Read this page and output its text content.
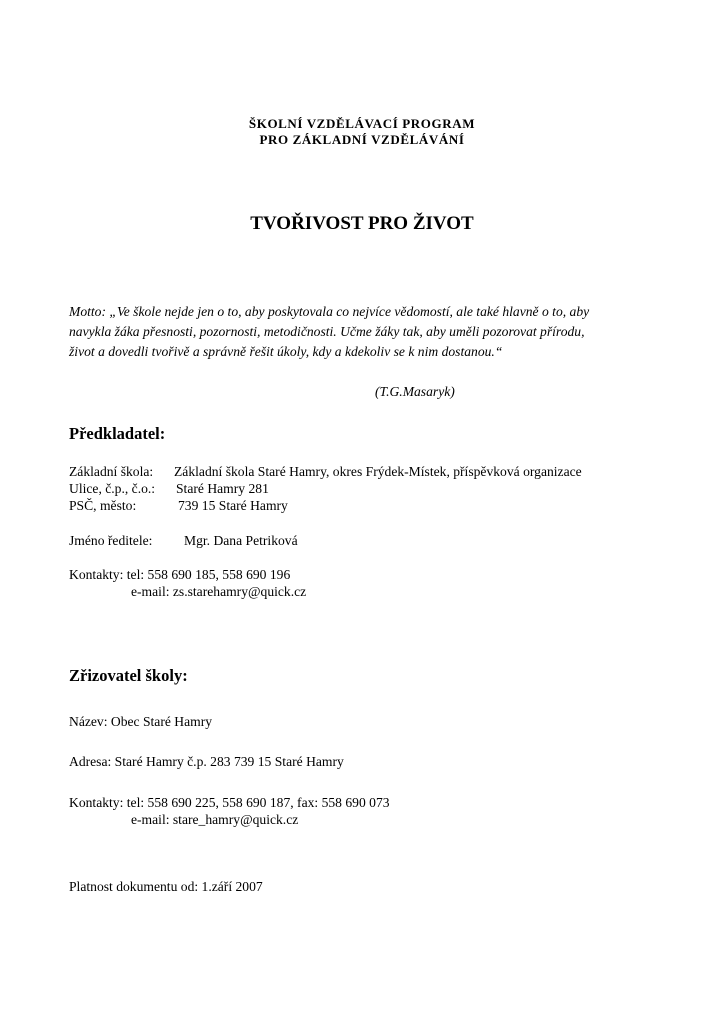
ŠKOLNÍ VZDĚLÁVACÍ PROGRAM
PRO ZÁKLADNÍ VZDĚLÁVÁNÍ
TVOŘIVOST PRO ŽIVOT
Motto: „Ve škole nejde jen o to, aby poskytovala co nejvíce vědomostí, ale také hlavně o to, aby
navykla žáka přesnosti, pozornosti, metodičnosti. Učme žáky tak, aby uměli pozorovat přírodu,
život a dovedli tvořivě a správně řešit úkoly, kdy a kdekoliv se k nim dostanou.“
(T.G.Masaryk)
Předkladatel:
Základní škola: Základní škola Staré Hamry, okres Frýdek-Místek, příspěvková organizace
Ulice, č.p., č.o.: Staré Hamry 281
PSČ, město:	739 15 Staré Hamry
Jméno ředitele: Mgr. Dana Petriková
Kontakty: tel: 558 690 185, 558 690 196
e-mail: zs.starehamry@quick.cz
Zřizovatel školy:
Název: Obec Staré Hamry
Adresa: Staré Hamry č.p. 283 739 15 Staré Hamry
Kontakty: tel: 558 690 225, 558 690 187, fax: 558 690 073
e-mail: stare_hamry@quick.cz
Platnost dokumentu od: 1.září 2007
